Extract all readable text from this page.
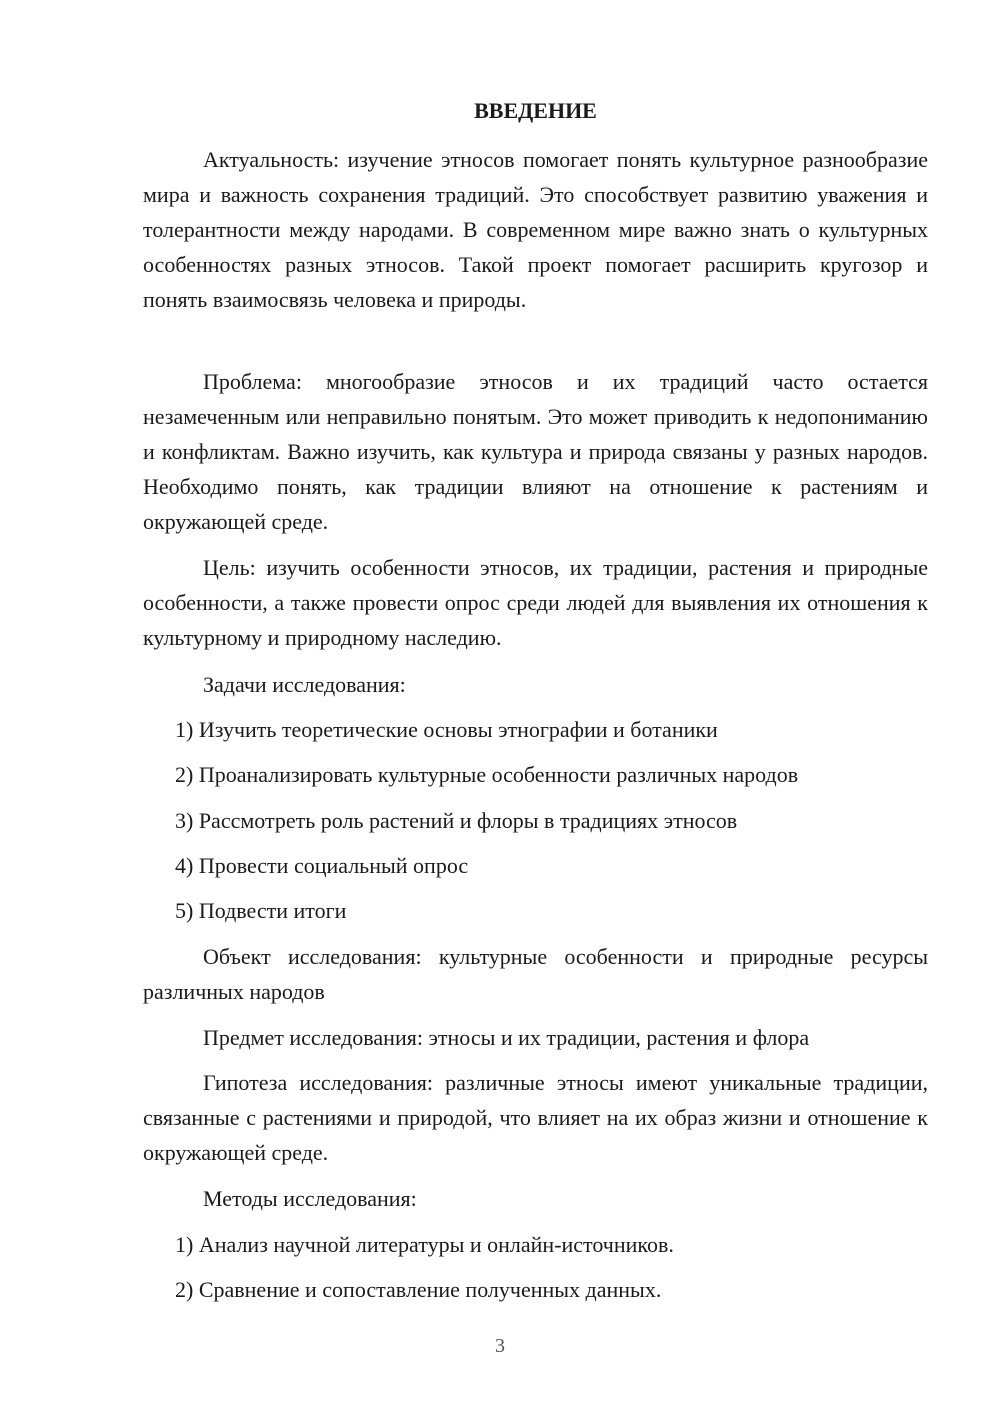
ВВЕДЕНИЕ

Актуальность: изучение этносов помогает понять культурное разнообразие мира и важность сохранения традиций. Это способствует развитию уважения и толерантности между народами. В современном мире важно знать о культурных особенностях разных этносов. Такой проект помогает расширить кругозор и понять взаимосвязь человека и природы.

Проблема: многообразие этносов и их традиций часто остается незамеченным или неправильно понятым. Это может приводить к недопониманию и конфликтам. Важно изучить, как культура и природа связаны у разных народов. Необходимо понять, как традиции влияют на отношение к растениям и окружающей среде.

Цель: изучить особенности этносов, их традиции, растения и природные особенности, а также провести опрос среди людей для выявления их отношения к культурному и природному наследию.

Задачи исследования:

1) Изучить теоретические основы этнографии и ботаники

2) Проанализировать культурные особенности различных народов

3) Рассмотреть роль растений и флоры в традициях этносов

4) Провести социальный опрос

5) Подвести итоги

Объект исследования: культурные особенности и природные ресурсы различных народов

Предмет исследования: этносы и их традиции, растения и флора

Гипотеза исследования: различные этносы имеют уникальные традиции, связанные с растениями и природой, что влияет на их образ жизни и отношение к окружающей среде.

Методы исследования:

1) Анализ научной литературы и онлайн-источников.

2) Сравнение и сопоставление полученных данных.

3
